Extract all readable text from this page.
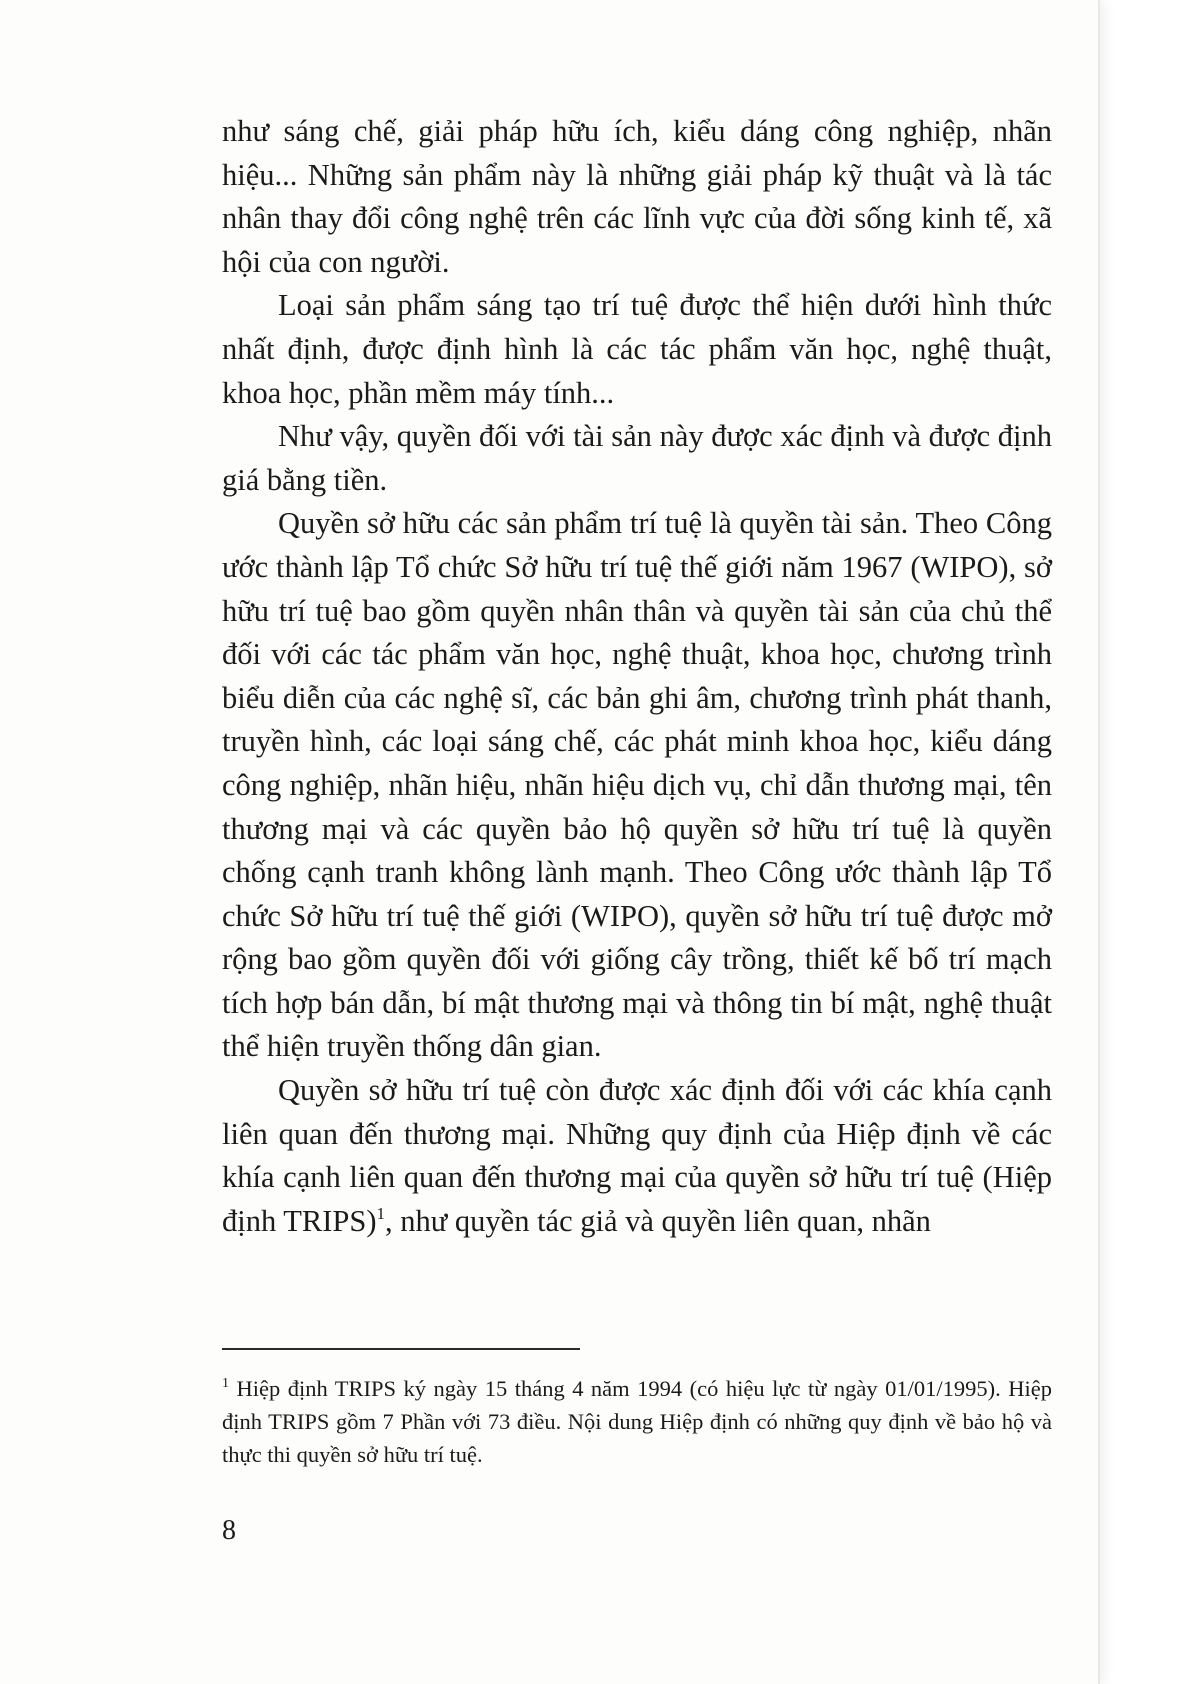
như sáng chế, giải pháp hữu ích, kiểu dáng công nghiệp, nhãn hiệu... Những sản phẩm này là những giải pháp kỹ thuật và là tác nhân thay đổi công nghệ trên các lĩnh vực của đời sống kinh tế, xã hội của con người.

Loại sản phẩm sáng tạo trí tuệ được thể hiện dưới hình thức nhất định, được định hình là các tác phẩm văn học, nghệ thuật, khoa học, phần mềm máy tính...

Như vậy, quyền đối với tài sản này được xác định và được định giá bằng tiền.

Quyền sở hữu các sản phẩm trí tuệ là quyền tài sản. Theo Công ước thành lập Tổ chức Sở hữu trí tuệ thế giới năm 1967 (WIPO), sở hữu trí tuệ bao gồm quyền nhân thân và quyền tài sản của chủ thể đối với các tác phẩm văn học, nghệ thuật, khoa học, chương trình biểu diễn của các nghệ sĩ, các bản ghi âm, chương trình phát thanh, truyền hình, các loại sáng chế, các phát minh khoa học, kiểu dáng công nghiệp, nhãn hiệu, nhãn hiệu dịch vụ, chỉ dẫn thương mại, tên thương mại và các quyền bảo hộ quyền sở hữu trí tuệ là quyền chống cạnh tranh không lành mạnh. Theo Công ước thành lập Tổ chức Sở hữu trí tuệ thế giới (WIPO), quyền sở hữu trí tuệ được mở rộng bao gồm quyền đối với giống cây trồng, thiết kế bố trí mạch tích hợp bán dẫn, bí mật thương mại và thông tin bí mật, nghệ thuật thể hiện truyền thống dân gian.

Quyền sở hữu trí tuệ còn được xác định đối với các khía cạnh liên quan đến thương mại. Những quy định của Hiệp định về các khía cạnh liên quan đến thương mại của quyền sở hữu trí tuệ (Hiệp định TRIPS)$^1$, như quyền tác giả và quyền liên quan, nhãn

$^1$ Hiệp định TRIPS ký ngày 15 tháng 4 năm 1994 (có hiệu lực từ ngày 01/01/1995). Hiệp định TRIPS gồm 7 Phần với 73 điều. Nội dung Hiệp định có những quy định về bảo hộ và thực thi quyền sở hữu trí tuệ.

8
